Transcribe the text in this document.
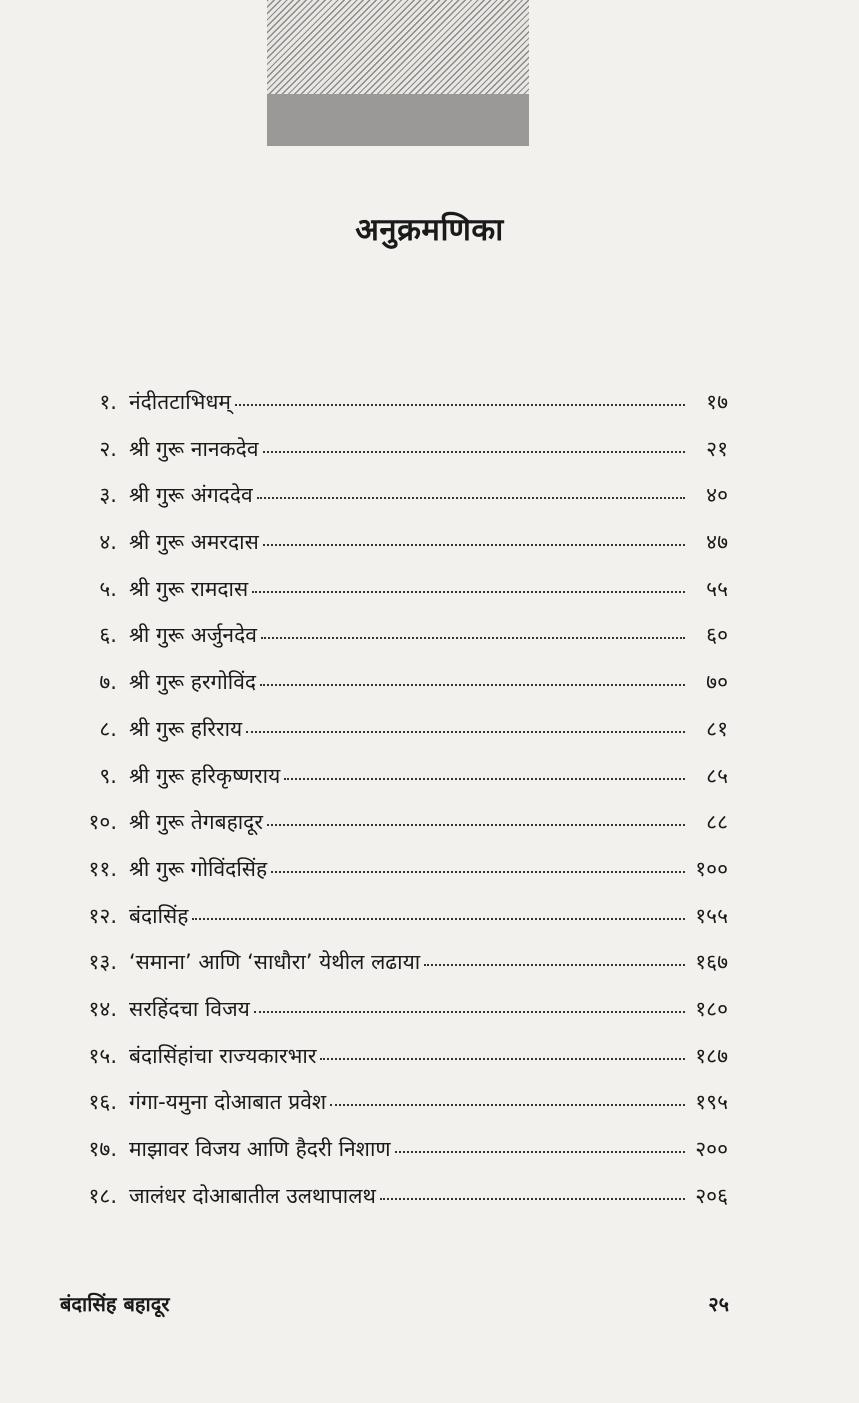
अनुक्रमणिका
१. नंदीतटाभिधम्	१७
२. श्री गुरू नानकदेव	२१
३. श्री गुरू अंगददेव	४०
४. श्री गुरू अमरदास	४७
५. श्री गुरू रामदास	५५
६. श्री गुरू अर्जुनदेव	६०
७. श्री गुरू हरगोविंद	७०
८. श्री गुरू हरिराय	८१
९. श्री गुरू हरिकृष्णराय	८५
१०. श्री गुरू तेगबहादूर	८८
११. श्री गुरू गोविंदसिंह	१००
१२. बंदासिंह	१५५
१३. ‘समाना’ आणि ‘साधौरा’ येथील लढाया	१६७
१४. सरहिंदचा विजय	१८०
१५. बंदासिंहांचा राज्यकारभार	१८७
१६. गंगा-यमुना दोआबात प्रवेश	१९५
१७. माझावर विजय आणि हैदरी निशाण	२००
१८. जालंधर दोआबातील उलथापालथ	२०६
बंदासिंह बहादूर	२५
